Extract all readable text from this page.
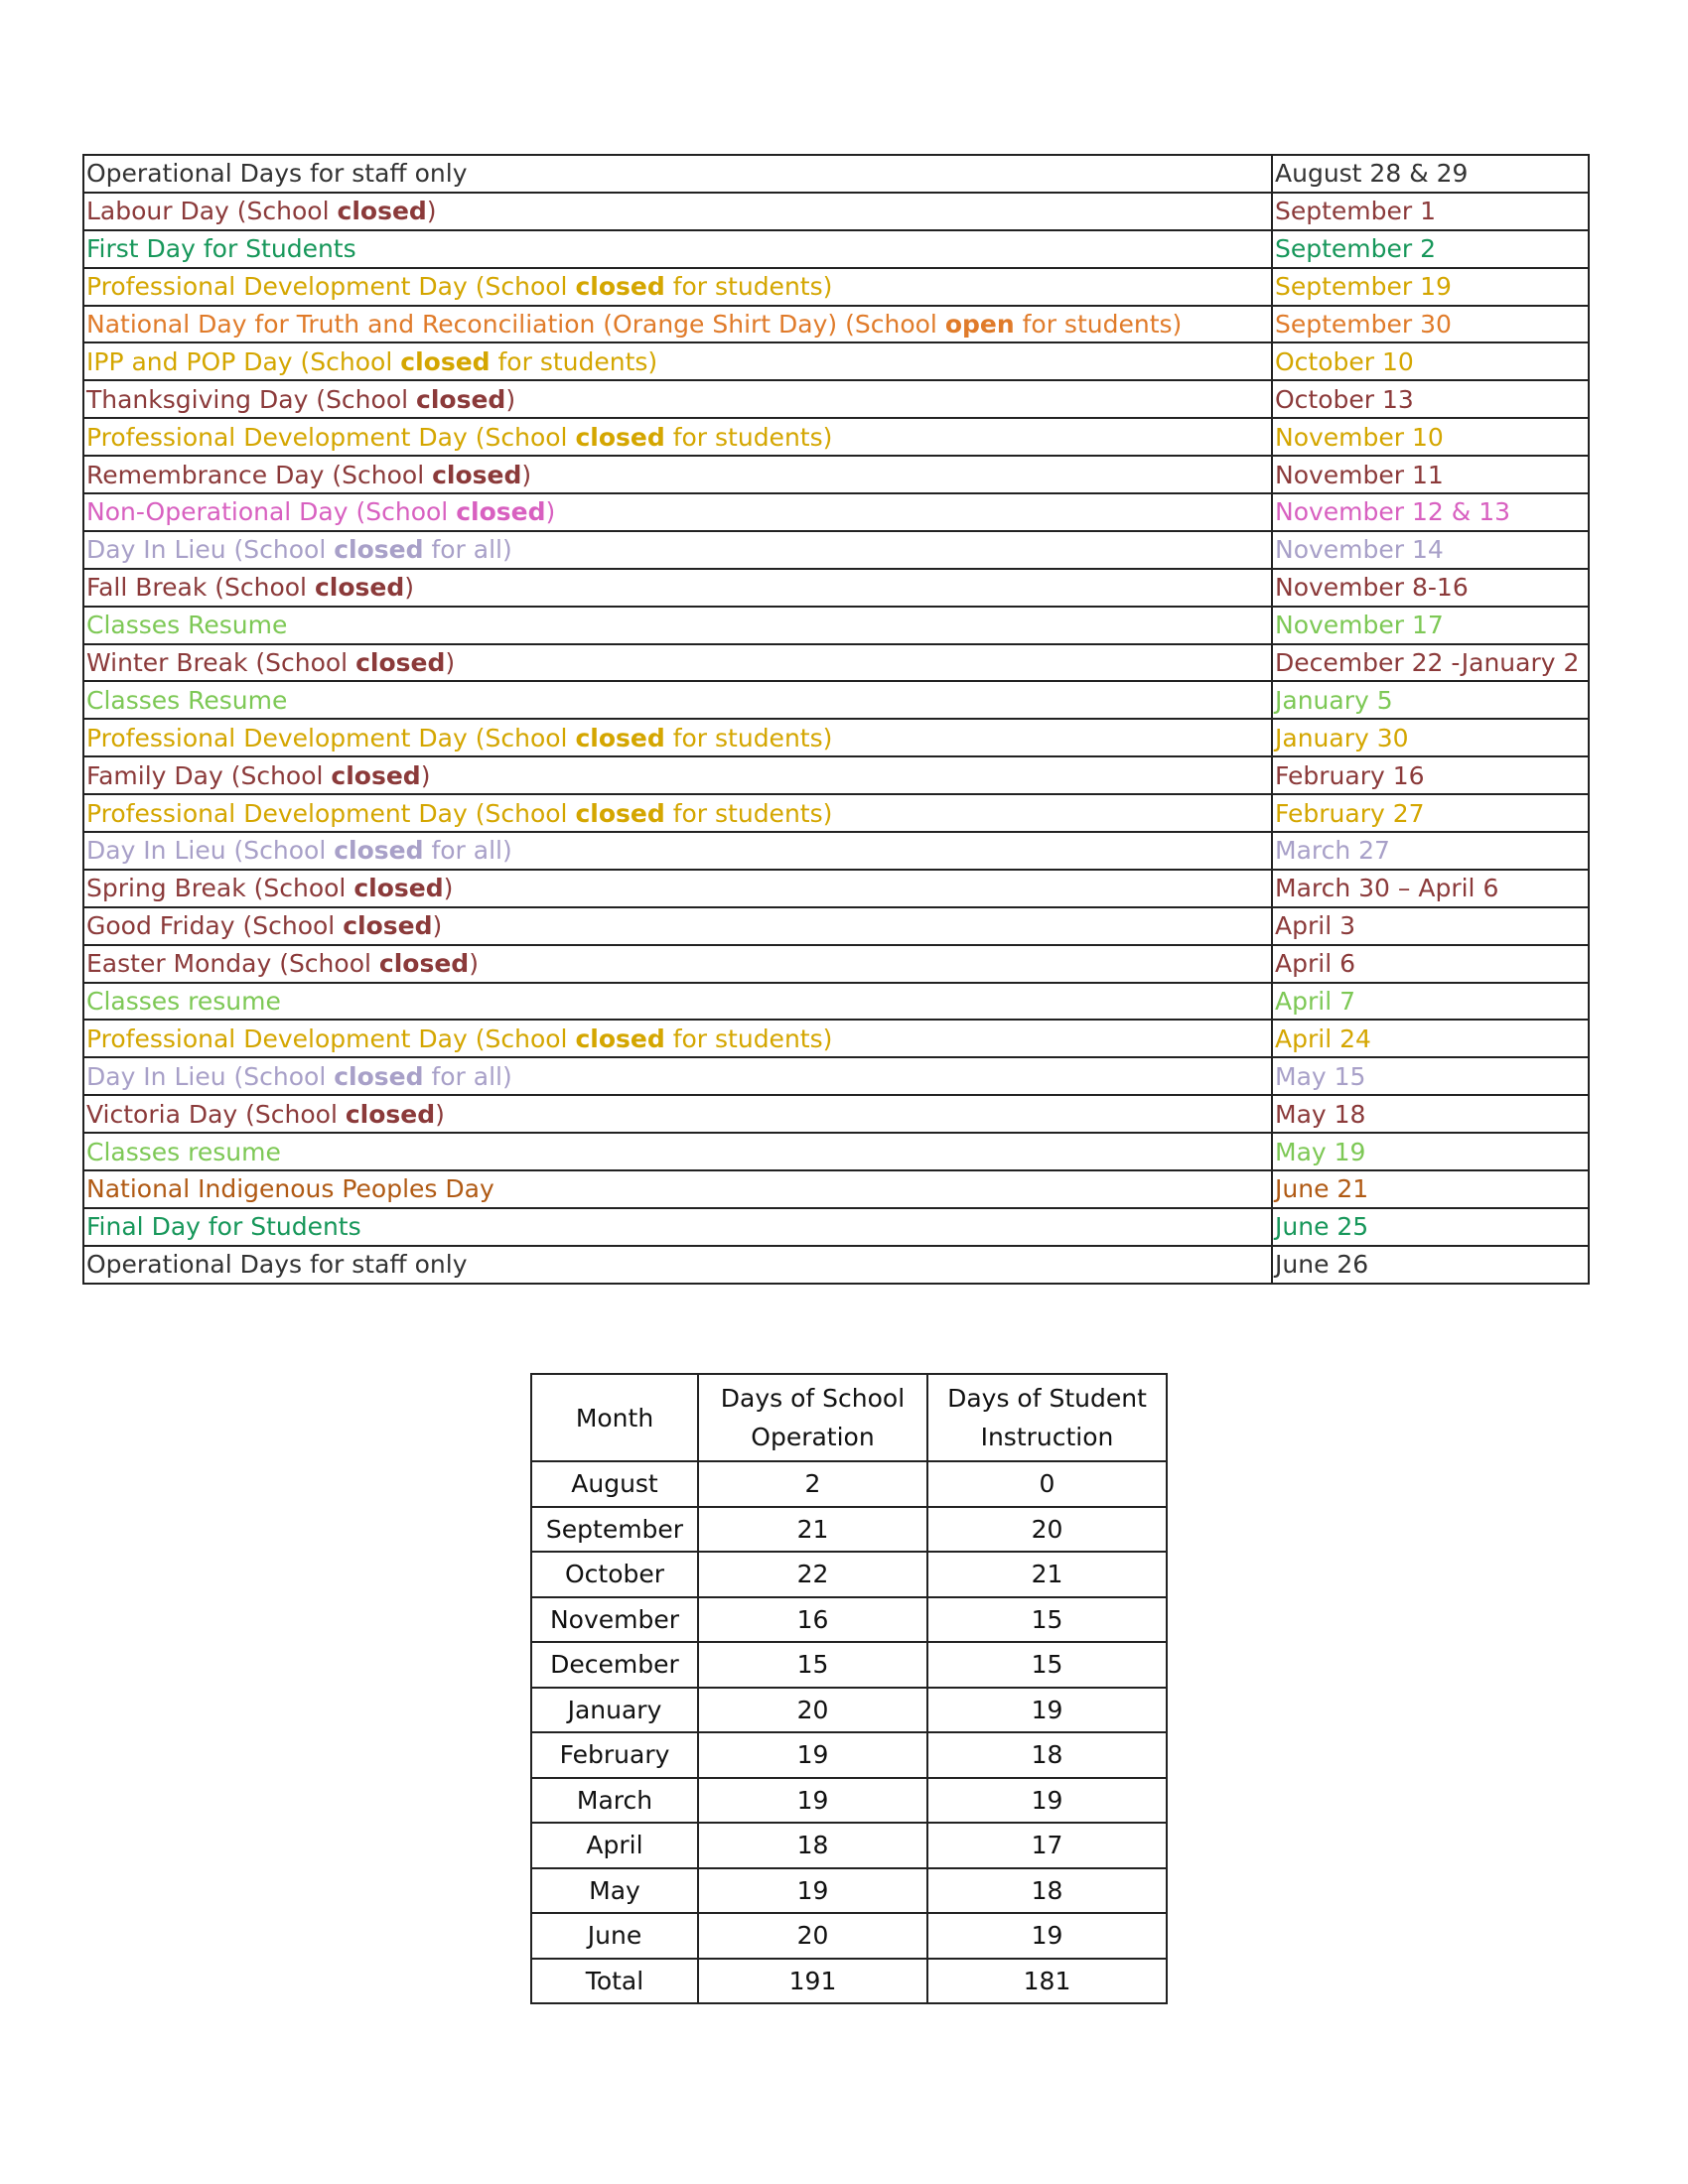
Operational Days for staff only	August 28 & 29
Labour Day (School closed)	September 1
First Day for Students	September 2
Professional Development Day (School closed for students)	September 19
National Day for Truth and Reconciliation (Orange Shirt Day) (School open for students)	September 30
IPP and POP Day (School closed for students)	October 10
Thanksgiving Day (School closed)	October 13
Professional Development Day (School closed for students)	November 10
Remembrance Day (School closed)	November 11
Non-Operational Day (School closed)	November 12 & 13
Day In Lieu (School closed for all)	November 14
Fall Break (School closed)	November 8-16
Classes Resume	November 17
Winter Break (School closed)	December 22 -January 2
Classes Resume	January 5
Professional Development Day (School closed for students)	January 30
Family Day (School closed)	February 16
Professional Development Day (School closed for students)	February 27
Day In Lieu (School closed for all)	March 27
Spring Break (School closed)	March 30 – April 6
Good Friday (School closed)	April 3
Easter Monday (School closed)	April 6
Classes resume	April 7
Professional Development Day (School closed for students)	April 24
Day In Lieu (School closed for all)	May 15
Victoria Day (School closed)	May 18
Classes resume	May 19
National Indigenous Peoples Day	June 21
Final Day for Students	June 25
Operational Days for staff only	June 26
Month	Days of School Operation	Days of Student Instruction
August	2	0
September	21	20
October	22	21
November	16	15
December	15	15
January	20	19
February	19	18
March	19	19
April	18	17
May	19	18
June	20	19
Total	191	181
